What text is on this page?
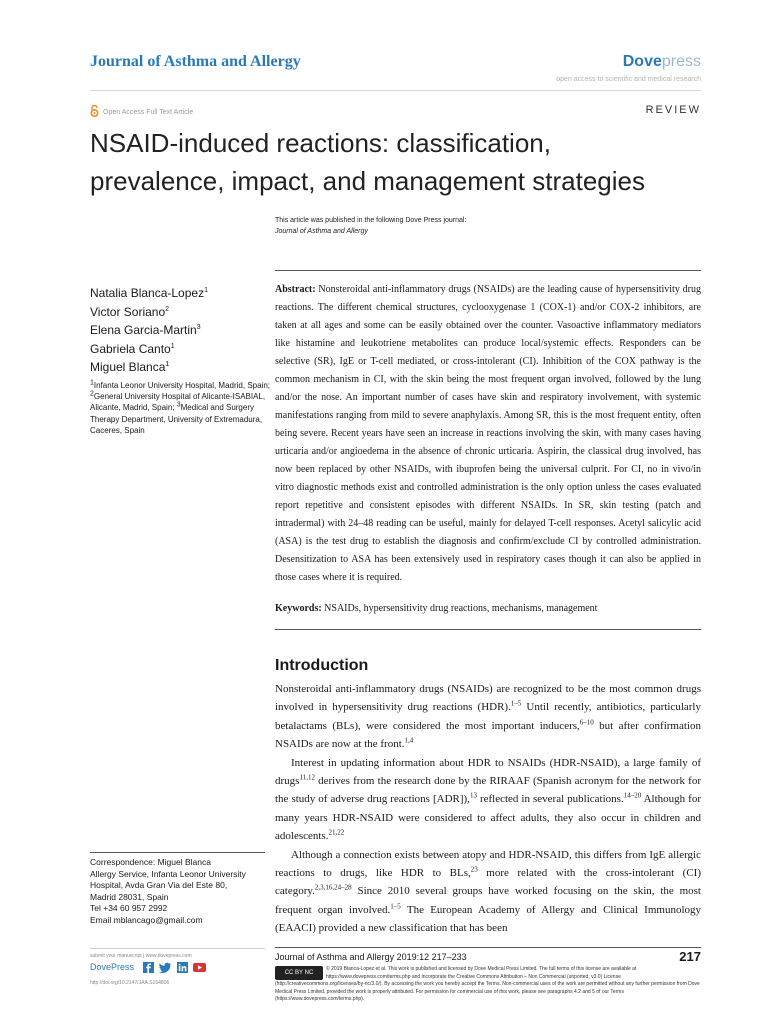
Journal of Asthma and Allergy	Dovepress
open access to scientific and medical research
Open Access Full Text Article	REVIEW
NSAID-induced reactions: classification,
prevalence, impact, and management strategies
This article was published in the following Dove Press journal:
Journal of Asthma and Allergy
Natalia Blanca-Lopez$^1$
Victor Soriano$^2$
Elena Garcia-Martin$^3$
Gabriela Canto$^1$
Miguel Blanca$^1$
$^1$Infanta Leonor University Hospital, Madrid, Spain; $^2$General University Hospital of Alicante-ISABIAL, Alicante, Madrid, Spain; $^3$Medical and Surgery Therapy Department, University of Extremadura, Caceres, Spain
Abstract: Nonsteroidal anti-inflammatory drugs (NSAIDs) are the leading cause of hypersensitivity drug reactions. The different chemical structures, cyclooxygenase 1 (COX-1) and/or COX-2 inhibitors, are taken at all ages and some can be easily obtained over the counter. Vasoactive inflammatory mediators like histamine and leukotriene metabolites can produce local/systemic effects. Responders can be selective (SR), IgE or T-cell mediated, or cross-intolerant (CI). Inhibition of the COX pathway is the common mechanism in CI, with the skin being the most frequent organ involved, followed by the lung and/or the nose. An important number of cases have skin and respiratory involvement, with systemic manifestations ranging from mild to severe anaphylaxis. Among SR, this is the most frequent entity, often being severe. Recent years have seen an increase in reactions involving the skin, with many cases having urticaria and/or angioedema in the absence of chronic urticaria. Aspirin, the classical drug involved, has now been replaced by other NSAIDs, with ibuprofen being the universal culprit. For CI, no in vivo/in vitro diagnostic methods exist and controlled administration is the only option unless the cases evaluated report repetitive and consistent episodes with different NSAIDs. In SR, skin testing (patch and intradermal) with 24–48 reading can be useful, mainly for delayed T-cell responses. Acetyl salicylic acid (ASA) is the test drug to establish the diagnosis and confirm/exclude CI by controlled administration. Desensitization to ASA has been extensively used in respiratory cases though it can also be applied in those cases where it is required.
Keywords: NSAIDs, hypersensitivity drug reactions, mechanisms, management
Introduction

Nonsteroidal anti-inflammatory drugs (NSAIDs) are recognized to be the most common drugs involved in hypersensitivity drug reactions (HDR).$^{1-5}$ Until recently, antibiotics, particularly betalactams (BLs), were considered the most important inducers,$^{6-10}$ but after confirmation NSAIDs are now at the front.$^{1,4}$

Interest in updating information about HDR to NSAIDs (HDR-NSAID), a large family of drugs$^{11,12}$ derives from the research done by the RIRAAF (Spanish acronym for the network for the study of adverse drug reactions [ADR]),$^{13}$ reflected in several publications.$^{14-20}$ Although for many years HDR-NSAID were considered to affect adults, they also occur in children and adolescents.$^{21,22}$

Although a connection exists between atopy and HDR-NSAID, this differs from IgE allergic reactions to drugs, like HDR to BLs,$^{23}$ more related with the cross-intolerant (CI) category.$^{2,3,16,24-28}$ Since 2010 several groups have worked focusing on the skin, the most frequent organ involved.$^{1-5}$ The European Academy of Allergy and Clinical Immunology (EAACI) provided a new classification that has been

Correspondence: Miguel Blanca
Allergy Service, Infanta Leonor University
Hospital, Avda Gran Via del Este 80,
Madrid 28031, Spain
Tel +34 60 957 2992
Email mblancago@gmail.com
submit your manuscript | www.dovepress.com
DovePress
http://doi.org/10.2147/JAA.S164806
Journal of Asthma and Allergy 2019:12 217–233	217
CC BY NC
© 2019 Blanca-Lopez et al. This work is published and licensed by Dove Medical Press Limited. The full terms of this license are available at https://www.dovepress.com/terms.php and incorporate the Creative Commons Attribution – Non Commercial (unported, v3.0) License (http://creativecommons.org/licenses/by-nc/3.0/). By accessing the work you hereby accept the Terms. Non-commercial uses of the work are permitted without any further permission from Dove Medical Press Limited, provided the work is properly attributed. For permission for commercial use of this work, please see paragraphs 4.2 and 5 of our Terms (https://www.dovepress.com/terms.php).
